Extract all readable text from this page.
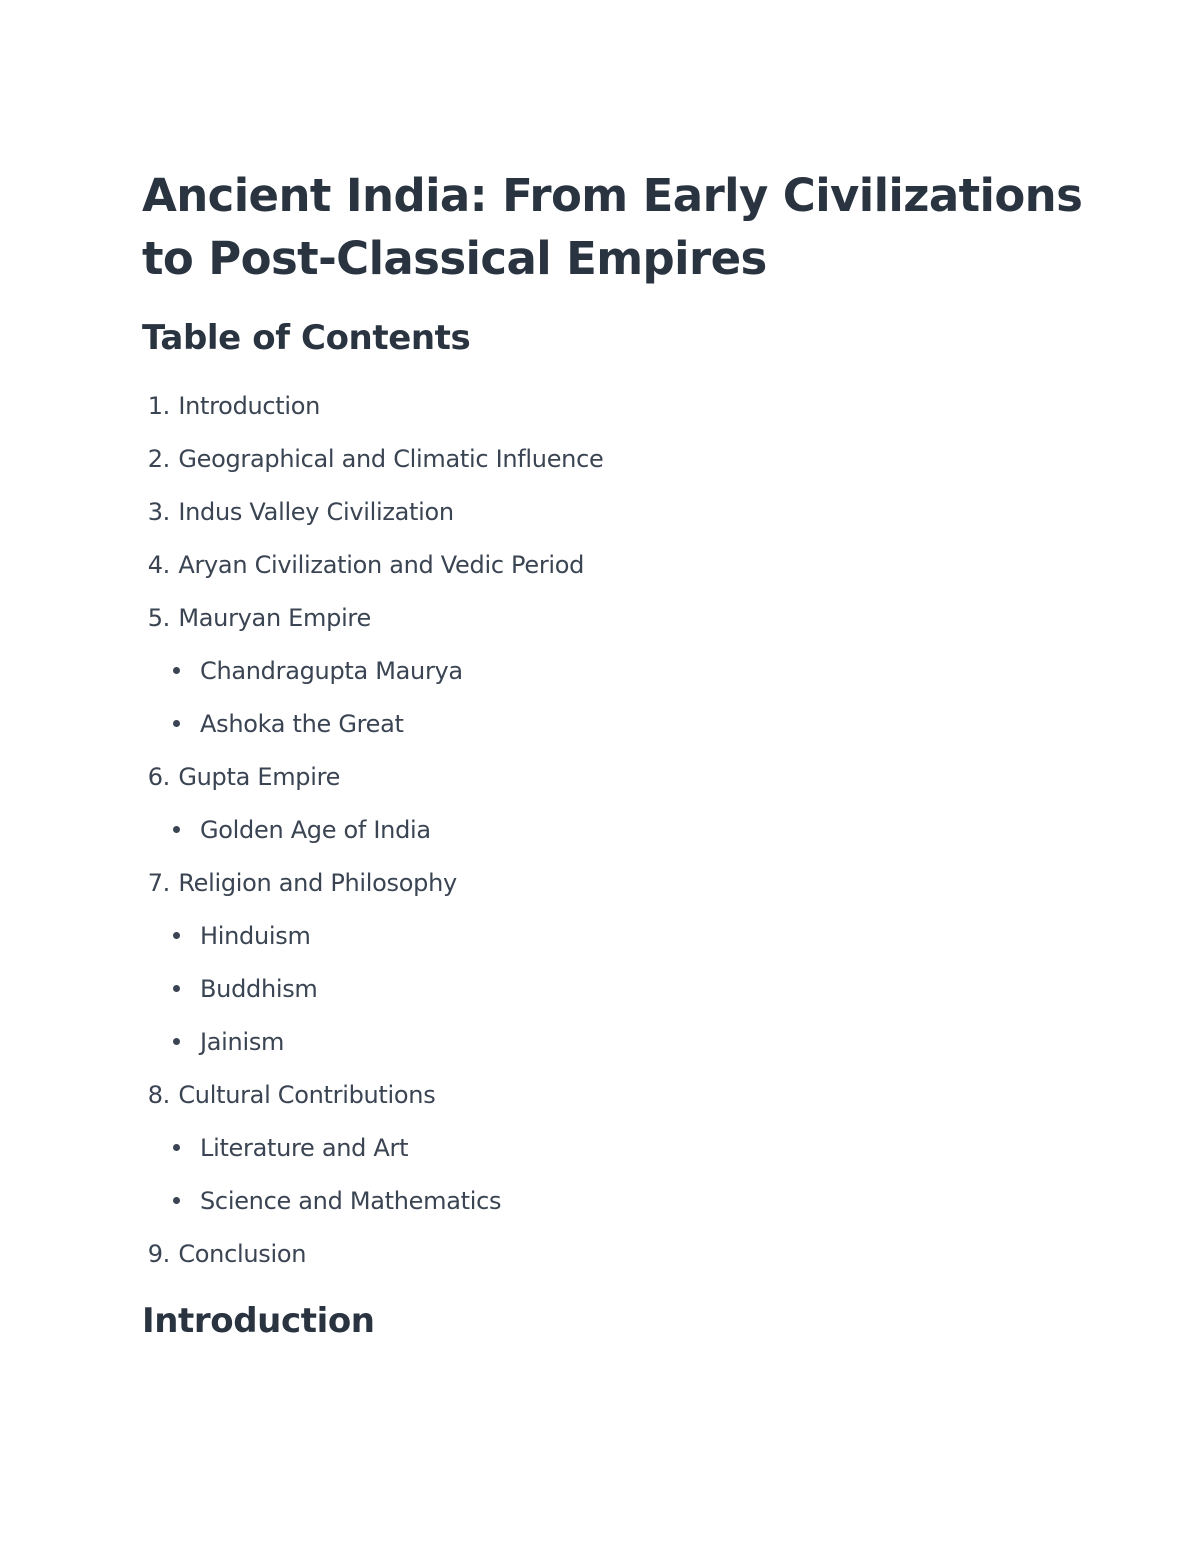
Ancient India: From Early Civilizations
to Post-Classical Empires
Table of Contents
1. Introduction
2. Geographical and Climatic Influence
3. Indus Valley Civilization
4. Aryan Civilization and Vedic Period
5. Mauryan Empire
Chandragupta Maurya
Ashoka the Great
6. Gupta Empire
Golden Age of India
7. Religion and Philosophy
Hinduism
Buddhism
Jainism
8. Cultural Contributions
Literature and Art
Science and Mathematics
9. Conclusion
Introduction
